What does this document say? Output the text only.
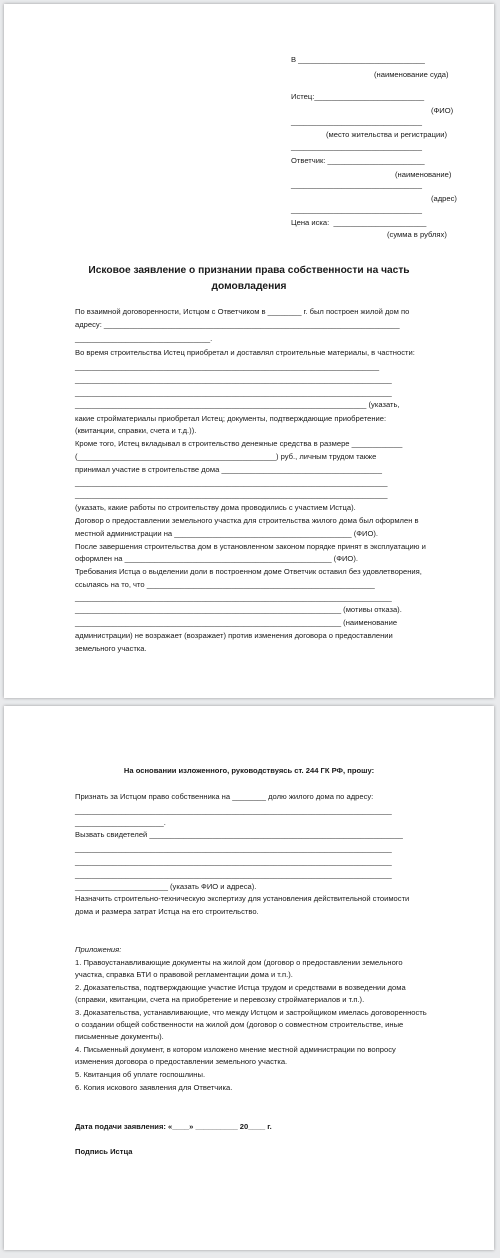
В ______________________________
(наименование суда)
Истец:__________________________
(ФИО)
_______________________________
(место жительства и регистрации)
_______________________________
Ответчик: _______________________
(наименование)
_______________________________
(адрес)
_______________________________
Цена иска:  ______________________
(сумма в рублях)
Исковое заявление о признании права собственности на часть
домовладения
По взаимной договоренности, Истцом с Ответчиком в ________ г. был построен жилой дом по
адресу: ______________________________________________________________________
________________________________.
Во время строительства Истец приобретал и доставлял строительные материалы, в частности:
________________________________________________________________________
___________________________________________________________________________
___________________________________________________________________________
_____________________________________________________________________ (указать,
какие стройматериалы приобретал Истец; документы, подтверждающие приобретение:
(квитанции, справки, счета и т.д.)).
Кроме того, Истец вкладывал в строительство денежные средства в размере ____________
(_______________________________________________) руб., личным трудом также
принимал участие в строительстве дома ______________________________________
__________________________________________________________________________
__________________________________________________________________________
(указать, какие работы по строительству дома проводились с участием Истца).
Договор о предоставлении земельного участка для строительства жилого дома был оформлен в
местной администрации на __________________________________________ (ФИО).
После завершения строительства дом в установленном законом порядке принят в эксплуатацию и
оформлен на _________________________________________________ (ФИО).
Требования Истца о выделении доли в построенном доме Ответчик оставил без удовлетворения,
ссылаясь на то, что ______________________________________________________
___________________________________________________________________________
_______________________________________________________________ (мотивы отказа).
_______________________________________________________________ (наименование
администрации) не возражает (возражает) против изменения договора о предоставлении
земельного участка.
На основании изложенного, руководствуясь ст. 244 ГК РФ, прошу:
Признать за Истцом право собственника на ________ долю жилого дома по адресу:
___________________________________________________________________________
_____________________.
Вызвать свидетелей ____________________________________________________________
___________________________________________________________________________
___________________________________________________________________________
___________________________________________________________________________
______________________ (указать ФИО и адреса).
Назначить строительно-техническую экспертизу для установления действительной стоимости
дома и размера затрат Истца на его строительство.
Приложения:
1. Правоустанавливающие документы на жилой дом (договор о предоставлении земельного
участка, справка БТИ о правовой регламентации дома и т.п.).
2. Доказательства, подтверждающие участие Истца трудом и средствами в возведении дома
(справки, квитанции, счета на приобретение и перевозку стройматериалов и т.п.).
3. Доказательства, устанавливающие, что между Истцом и застройщиком имелась договоренность
о создании общей собственности на жилой дом (договор о совместном строительстве, иные
письменные документы).
4. Письменный документ, в котором изложено мнение местной администрации по вопросу
изменения договора о предоставлении земельного участка.
5. Квитанция об уплате госпошлины.
6. Копия искового заявления для Ответчика.
Дата подачи заявления: «____» __________ 20____ г.
Подпись Истца
